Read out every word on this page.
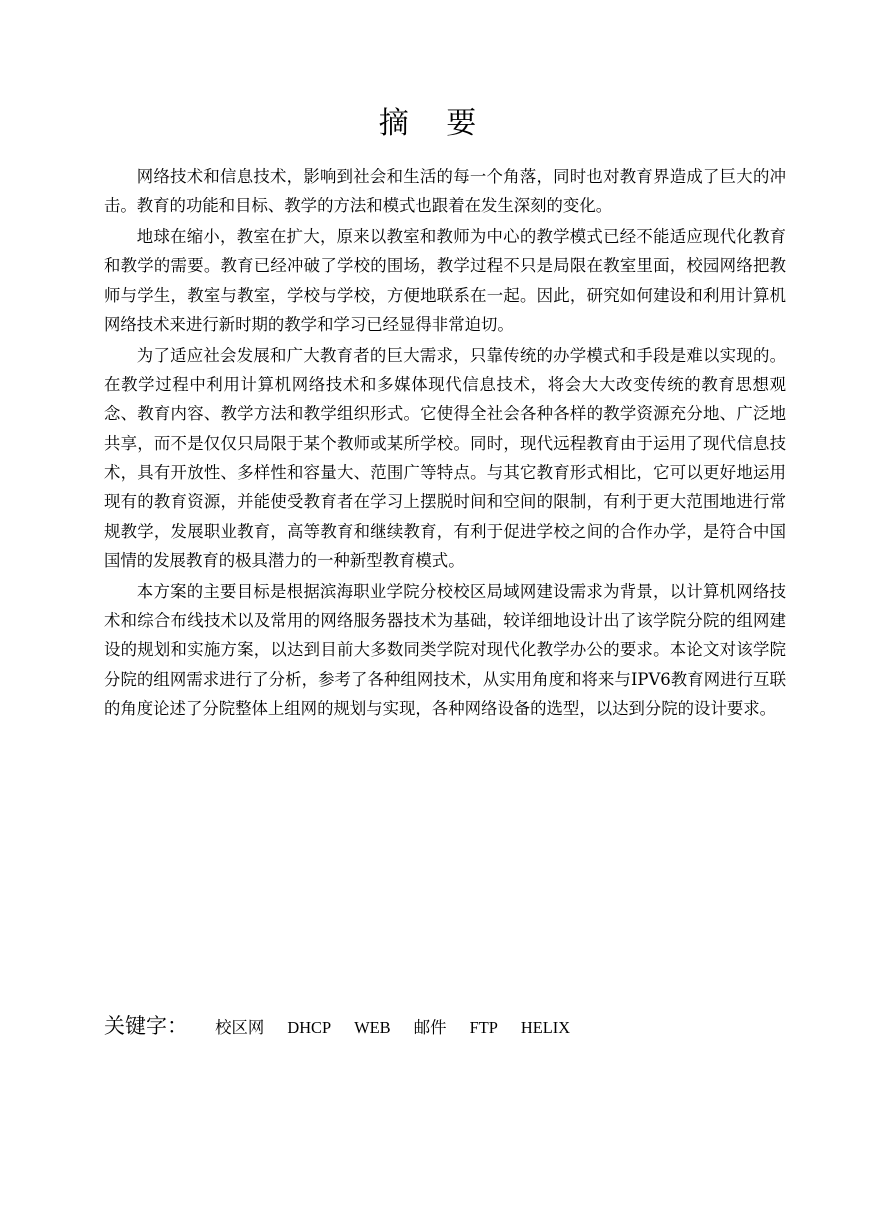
摘 要

网络技术和信息技术，影响到社会和生活的每一个角落，同时也对教育界造成了巨大的冲击。教育的功能和目标、教学的方法和模式也跟着在发生深刻的变化。

地球在缩小，教室在扩大，原来以教室和教师为中心的教学模式已经不能适应现代化教育和教学的需要。教育已经冲破了学校的围场，教学过程不只是局限在教室里面，校园网络把教师与学生，教室与教室，学校与学校，方便地联系在一起。因此，研究如何建设和利用计算机网络技术来进行新时期的教学和学习已经显得非常迫切。

为了适应社会发展和广大教育者的巨大需求，只靠传统的办学模式和手段是难以实现的。在教学过程中利用计算机网络技术和多媒体现代信息技术，将会大大改变传统的教育思想观念、教育内容、教学方法和教学组织形式。它使得全社会各种各样的教学资源充分地、广泛地共享，而不是仅仅只局限于某个教师或某所学校。同时，现代远程教育由于运用了现代信息技术，具有开放性、多样性和容量大、范围广等特点。与其它教育形式相比，它可以更好地运用现有的教育资源，并能使受教育者在学习上摆脱时间和空间的限制，有利于更大范围地进行常规教学，发展职业教育，高等教育和继续教育，有利于促进学校之间的合作办学，是符合中国国情的发展教育的极具潜力的一种新型教育模式。

本方案的主要目标是根据滨海职业学院分校校区局域网建设需求为背景，以计算机网络技术和综合布线技术以及常用的网络服务器技术为基础，较详细地设计出了该学院分院的组网建设的规划和实施方案，以达到目前大多数同类学院对现代化教学办公的要求。本论文对该学院分院的组网需求进行了分析，参考了各种组网技术，从实用角度和将来与IPV6教育网进行互联的角度论述了分院整体上组网的规划与实现，各种网络设备的选型，以达到分院的设计要求。

关键字： 校区网 DHCP WEB 邮件 FTP HELIX
